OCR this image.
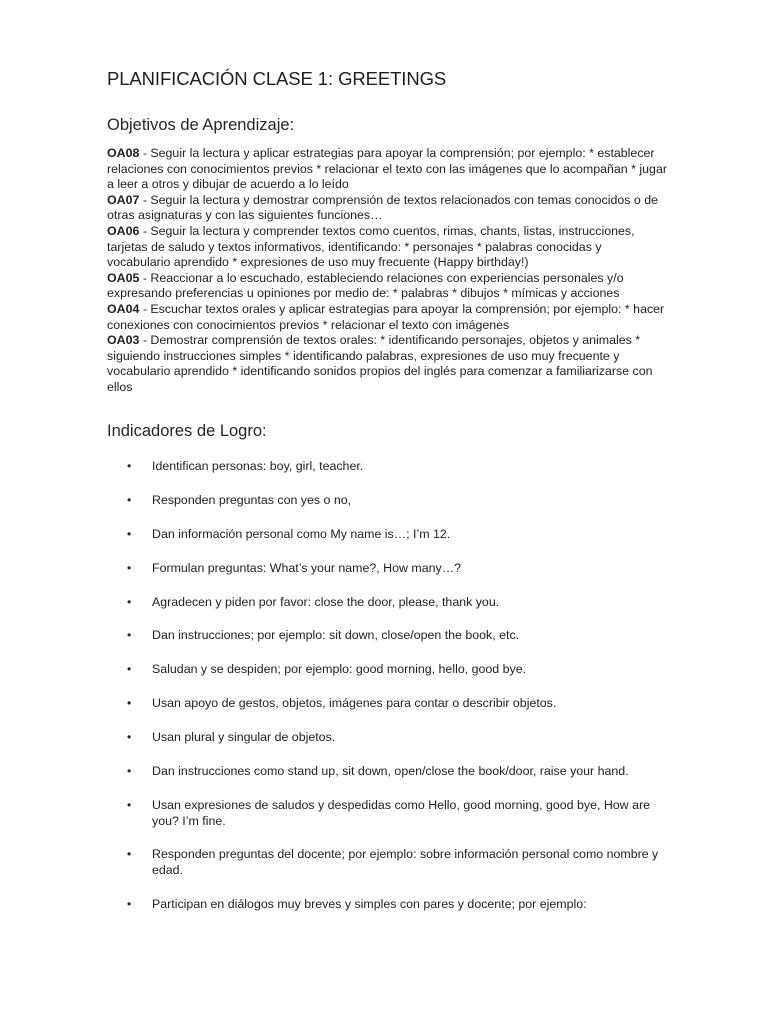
PLANIFICACIÓN CLASE 1: GREETINGS
Objetivos de Aprendizaje:

OA08 - Seguir la lectura y aplicar estrategias para apoyar la comprensión; por ejemplo: * establecer relaciones con conocimientos previos * relacionar el texto con las imágenes que lo acompañan * jugar a leer a otros y dibujar de acuerdo a lo leído

OA07 - Seguir la lectura y demostrar comprensión de textos relacionados con temas conocidos o de otras asignaturas y con las siguientes funciones…

OA06 - Seguir la lectura y comprender textos como cuentos, rimas, chants, listas, instrucciones, tarjetas de saludo y textos informativos, identificando: * personajes * palabras conocidas y vocabulario aprendido * expresiones de uso muy frecuente (Happy birthday!)

OA05 - Reaccionar a lo escuchado, estableciendo relaciones con experiencias personales y/o expresando preferencias u opiniones por medio de: * palabras * dibujos * mímicas y acciones

OA04 - Escuchar textos orales y aplicar estrategias para apoyar la comprensión; por ejemplo: * hacer conexiones con conocimientos previos * relacionar el texto con imágenes

OA03 - Demostrar comprensión de textos orales: * identificando personajes, objetos y animales * siguiendo instrucciones simples * identificando palabras, expresiones de uso muy frecuente y vocabulario aprendido * identificando sonidos propios del inglés para comenzar a familiarizarse con ellos

Indicadores de Logro:
• Identifican personas: boy, girl, teacher.
• Responden preguntas con yes o no,
• Dan información personal como My name is…; I’m 12.
• Formulan preguntas: What’s your name?, How many…?
• Agradecen y piden por favor: close the door, please, thank you.
• Dan instrucciones; por ejemplo: sit down, close/open the book, etc.
• Saludan y se despiden; por ejemplo: good morning, hello, good bye.
• Usan apoyo de gestos, objetos, imágenes para contar o describir objetos.
• Usan plural y singular de objetos.
• Dan instrucciones como stand up, sit down, open/close the book/door, raise your hand.
• Usan expresiones de saludos y despedidas como Hello, good morning, good bye, How are you? I’m fine.
• Responden preguntas del docente; por ejemplo: sobre información personal como nombre y edad.
• Participan en diálogos muy breves y simples con pares y docente; por ejemplo:
